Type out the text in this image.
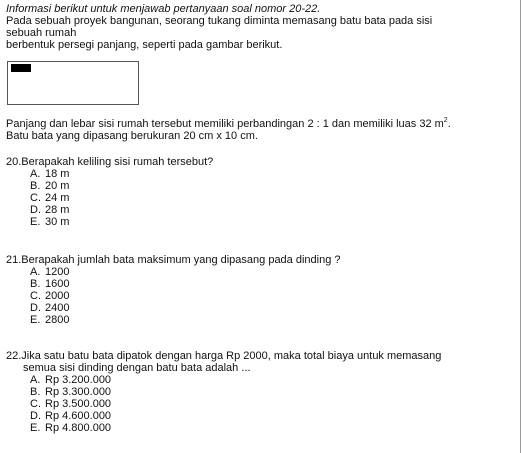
Informasi berikut untuk menjawab pertanyaan soal nomor 20-22.
Pada sebuah proyek bangunan, seorang tukang diminta memasang batu bata pada sisi
sebuah rumah
berbentuk persegi panjang, seperti pada gambar berikut.
Panjang dan lebar sisi rumah tersebut memiliki perbandingan 2 : 1 dan memiliki luas 32 $m^2$.
Batu bata yang dipasang berukuran 20 cm x 10 cm.
20. Berapakah keliling sisi rumah tersebut?
A. 18 m
B. 20 m
C. 24 m
D. 28 m
E. 30 m
21. Berapakah jumlah bata maksimum yang dipasang pada dinding ?
A. 1200
B. 1600
C. 2000
D. 2400
E. 2800
22. Jika satu batu bata dipatok dengan harga Rp 2000, maka total biaya untuk memasang
semua sisi dinding dengan batu bata adalah ...
A. Rp 3.200.000
B. Rp 3.300.000
C. Rp 3.500.000
D. Rp 4.600.000
E. Rp 4.800.000
